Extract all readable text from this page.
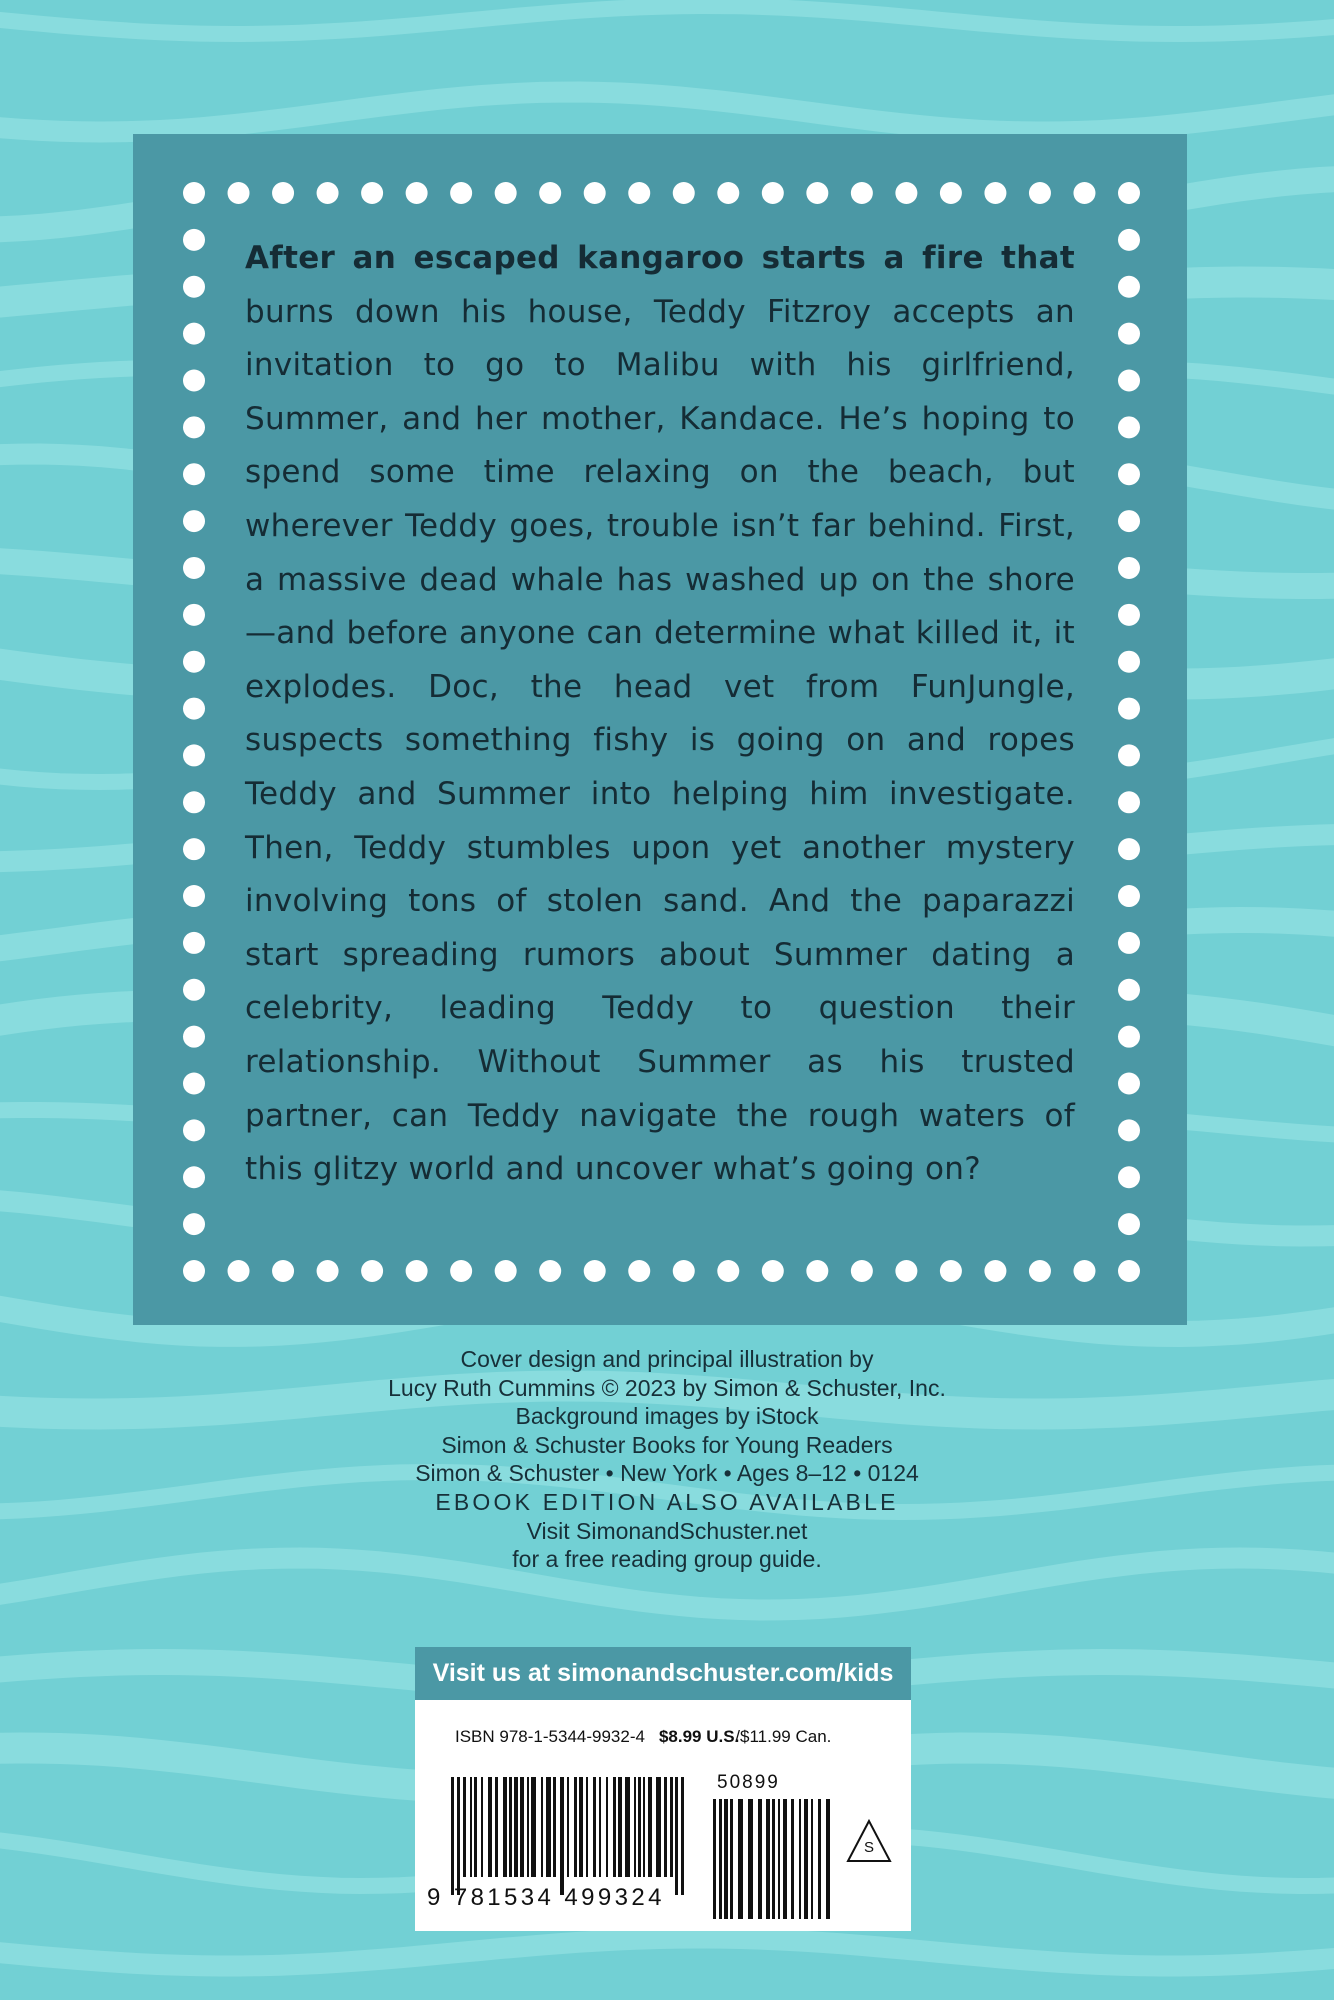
After an escaped kangaroo starts a fire that burns down his house, Teddy Fitzroy accepts an invitation to go to Malibu with his girlfriend, Summer, and her mother, Kandace. He’s hoping to spend some time relaxing on the beach, but wherever Teddy goes, trouble isn’t far behind. First, a massive dead whale has washed up on the shore—and before anyone can determine what killed it, it explodes. Doc, the head vet from FunJungle, suspects something fishy is going on and ropes Teddy and Summer into helping him investigate. Then, Teddy stumbles upon yet another mystery involving tons of stolen sand. And the paparazzi start spreading rumors about Summer dating a celebrity, leading Teddy to question their relationship. Without Summer as his trusted partner, can Teddy navigate the rough waters of this glitzy world and uncover what’s going on?

Cover design and principal illustration by
Lucy Ruth Cummins © 2023 by Simon & Schuster, Inc.
Background images by iStock
Simon & Schuster Books for Young Readers
Simon & Schuster • New York • Ages 8–12 • 0124
EBOOK EDITION ALSO AVAILABLE
Visit SimonandSchuster.net
for a free reading group guide.
Visit us at simonandschuster.com/kids
ISBN 978-1-5344-9932-4 $8.99 U.S./$11.99 Can.
9 781534 499324
50899
S
